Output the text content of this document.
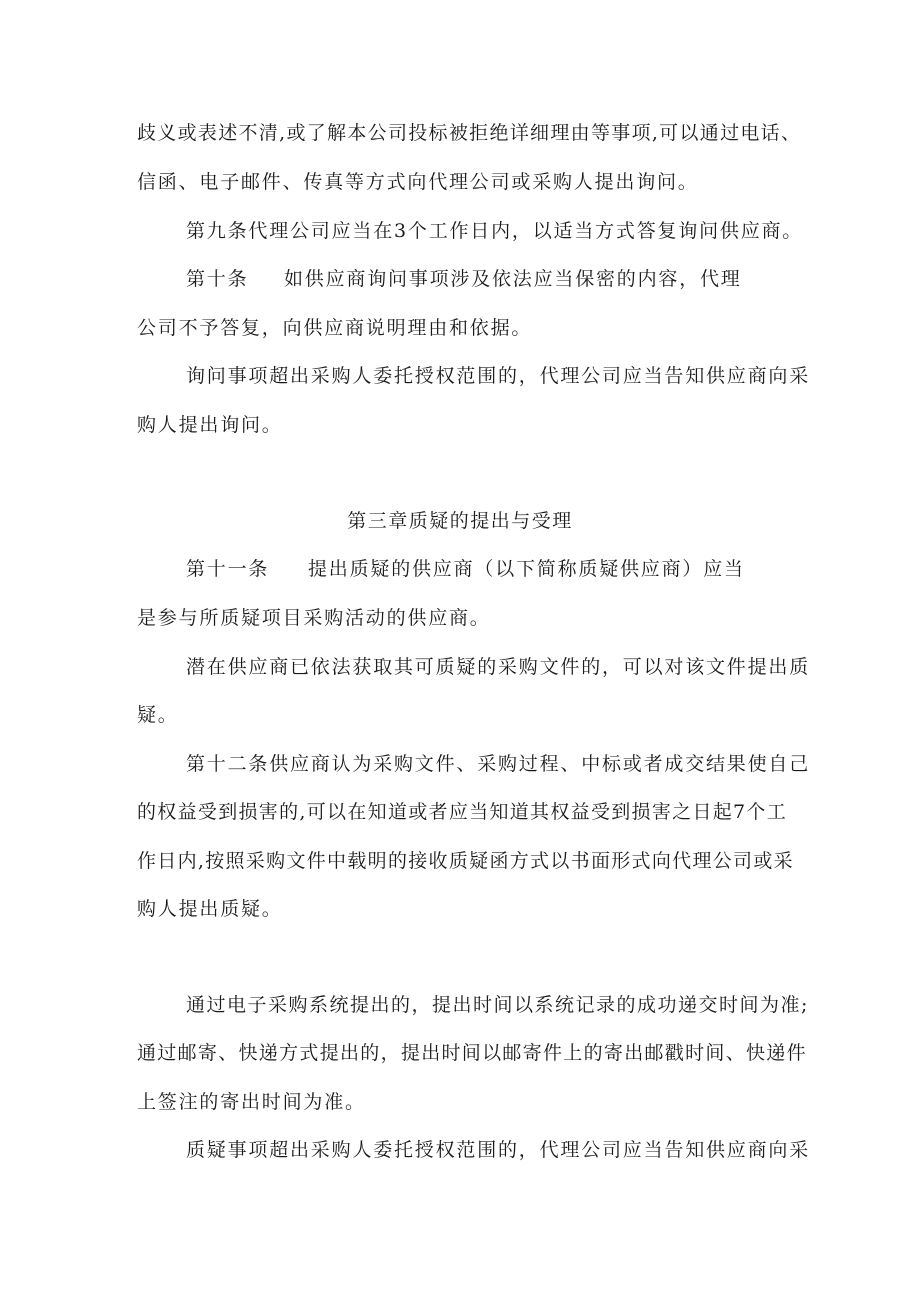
歧义或表述不清,或了解本公司投标被拒绝详细理由等事项,可以通过电话、
信函、电子邮件、传真等方式向代理公司或采购人提出询问。
第九条代理公司应当在3个工作日内，以适当方式答复询问供应商。
第十条 如供应商询问事项涉及依法应当保密的内容，代理
公司不予答复，向供应商说明理由和依据。
询问事项超出采购人委托授权范围的，代理公司应当告知供应商向采
购人提出询问。
第三章质疑的提出与受理
第十一条 提出质疑的供应商（以下简称质疑供应商）应当
是参与所质疑项目采购活动的供应商。
潜在供应商已依法获取其可质疑的采购文件的，可以对该文件提出质
疑。
第十二条供应商认为采购文件、采购过程、中标或者成交结果使自己
的权益受到损害的,可以在知道或者应当知道其权益受到损害之日起7个工
作日内,按照采购文件中载明的接收质疑函方式以书面形式向代理公司或采
购人提出质疑。
通过电子采购系统提出的，提出时间以系统记录的成功递交时间为准;
通过邮寄、快递方式提出的，提出时间以邮寄件上的寄出邮戳时间、快递件
上签注的寄出时间为准。
质疑事项超出采购人委托授权范围的，代理公司应当告知供应商向采
